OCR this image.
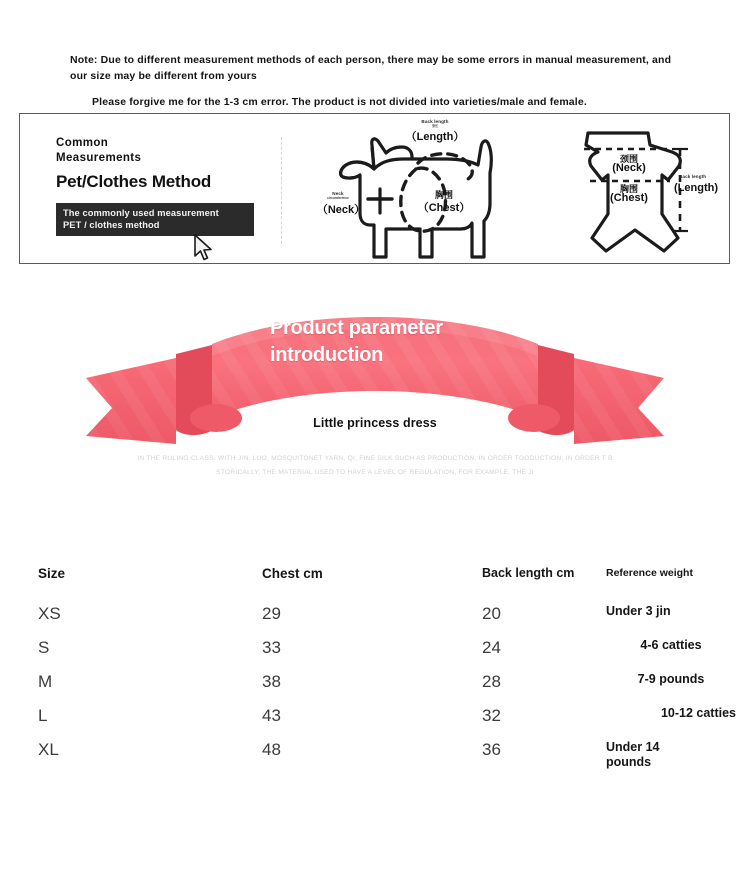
Note: Due to different measurement methods of each person, there may be some errors in manual measurement, and our size may be different from yours
Please forgive me for the 1-3 cm error. The product is not divided into varieties/male and female.
Common
Measurements
Pet/Clothes Method
The commonly used measurement
PET / clothes method
Back length
身长
（Length）
胸围
（Chest）
Neck
circumference
（Neck）
颈围
(Neck)
胸围
(Chest)
Back length
(Length)
Product parameter
introduction
Little princess dress
IN THE RULING CLASS, WITH JIN, LUO, MOSQUITONET YARN, QI, FINE SILK SUCH AS PRODUCTION, IN ORDER TOODUCTION, IN ORDER T B
STORICALLY, THE MATERIAL USED TO HAVE A LEVEL OF REGULATION, FOR EXAMPLE, THE JI
Size	Chest cm	Back length cm	Reference weight
XS	29	20	Under 3 jin
S	33	24	4-6 catties
M	38	28	7-9 pounds
L	43	32	10-12 catties
XL	48	36	Under 14 pounds
